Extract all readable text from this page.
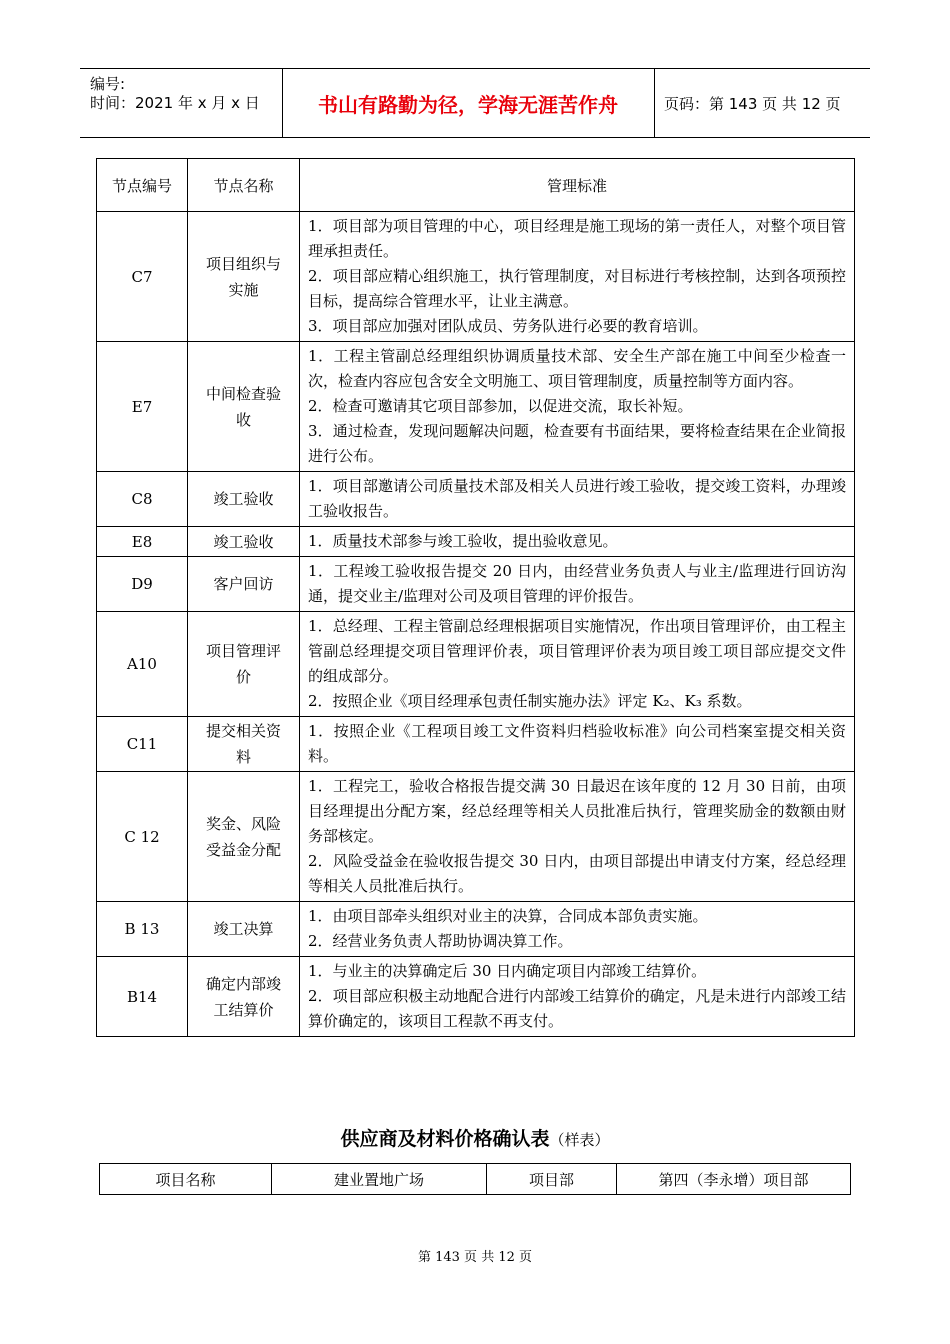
编号:
时间：2021 年 x 月 x 日	书山有路勤为径，学海无涯苦作舟	页码：第 143 页 共 12 页
节点编号	节点名称	管理标准
C7	项目组织与实施	1．项目部为项目管理的中心，项目经理是施工现场的第一责任人，对整个项目管理承担责任。
2．项目部应精心组织施工，执行管理制度，对目标进行考核控制，达到各项预控目标，提高综合管理水平，让业主满意。
3．项目部应加强对团队成员、劳务队进行必要的教育培训。

E7	中间检查验收	1．工程主管副总经理组织协调质量技术部、安全生产部在施工中间至少检查一次，检查内容应包含安全文明施工、项目管理制度，质量控制等方面内容。
2．检查可邀请其它项目部参加，以促进交流，取长补短。
3．通过检查，发现问题解决问题，检查要有书面结果，要将检查结果在企业简报进行公布。

C8	竣工验收	1．项目部邀请公司质量技术部及相关人员进行竣工验收，提交竣工资料，办理竣工验收报告。

E8	竣工验收	1．质量技术部参与竣工验收，提出验收意见。

D9	客户回访	1．工程竣工验收报告提交 20 日内，由经营业务负责人与业主/监理进行回访沟通，提交业主/监理对公司及项目管理的评价报告。

A10	项目管理评价	1．总经理、工程主管副总经理根据项目实施情况，作出项目管理评价，由工程主管副总经理提交项目管理评价表，项目管理评价表为项目竣工项目部应提交文件的组成部分。
2．按照企业《项目经理承包责任制实施办法》评定 K₂、K₃ 系数。

C11	提交相关资料	1．按照企业《工程项目竣工文件资料归档验收标准》向公司档案室提交相关资料。

C 12	奖金、风险受益金分配	1．工程完工，验收合格报告提交满 30 日最迟在该年度的 12 月 30 日前，由项目经理提出分配方案，经总经理等相关人员批准后执行，管理奖励金的数额由财务部核定。
2．风险受益金在验收报告提交 30 日内，由项目部提出申请支付方案，经总经理等相关人员批准后执行。

B 13	竣工决算	1．由项目部牵头组织对业主的决算，合同成本部负责实施。
2．经营业务负责人帮助协调决算工作。

B14	确定内部竣工结算价	1．与业主的决算确定后 30 日内确定项目内部竣工结算价。
2．项目部应积极主动地配合进行内部竣工结算价的确定，凡是未进行内部竣工结算价确定的，该项目工程款不再支付。
供应商及材料价格确认表（样表）
项目名称	建业置地广场	项目部	第四（李永增）项目部
第 143 页 共 12 页
